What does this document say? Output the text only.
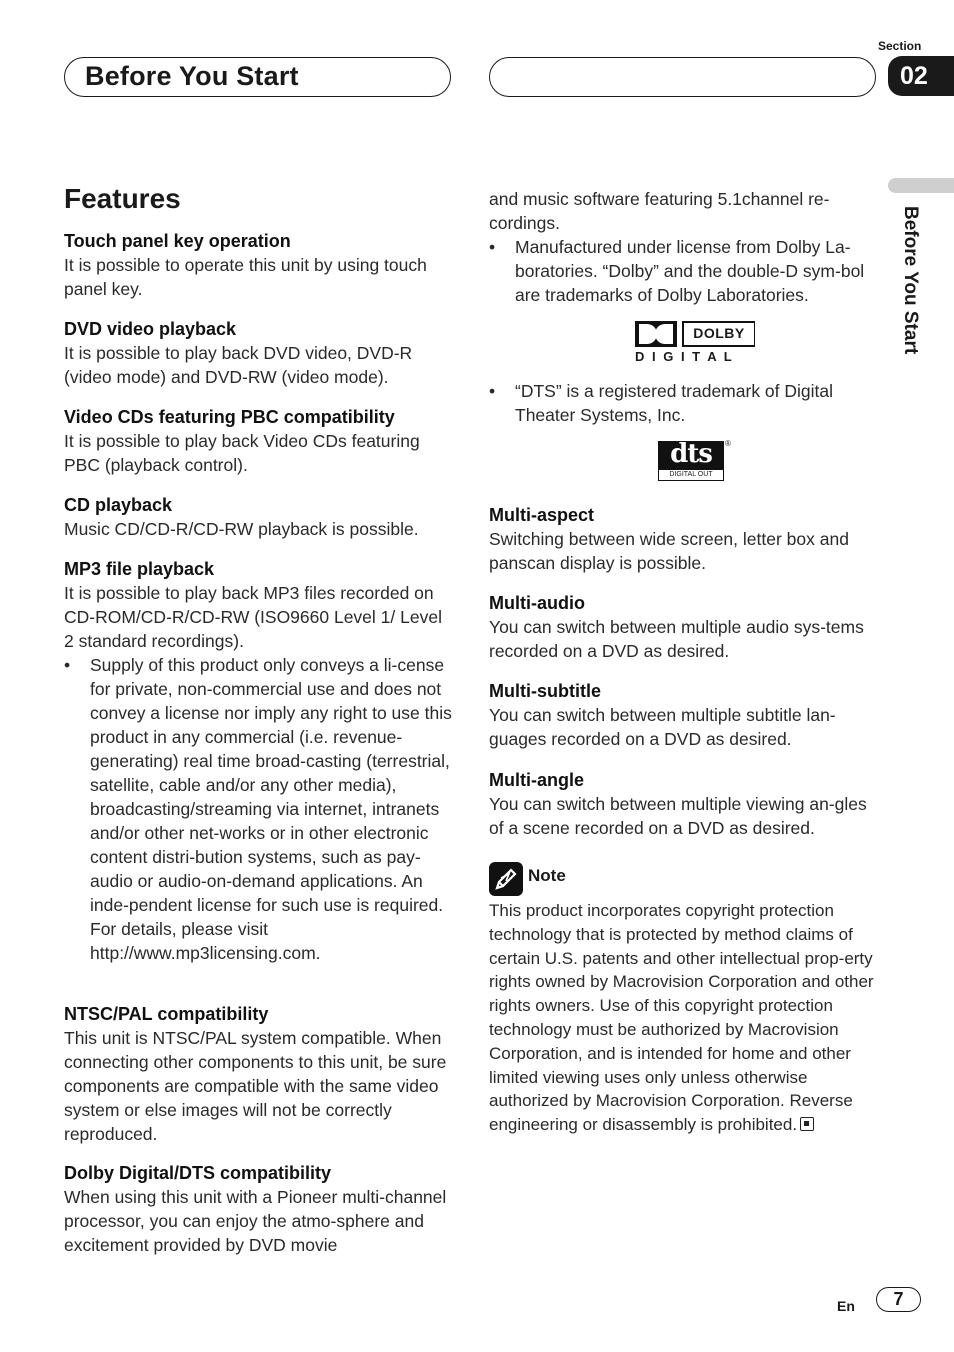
Before You Start
Section
02
Before You Start
Features
Touch panel key operation

It is possible to operate this unit by using touch panel key.

DVD video playback

It is possible to play back DVD video, DVD-R (video mode) and DVD-RW (video mode).

Video CDs featuring PBC compatibility

It is possible to play back Video CDs featuring PBC (playback control).

CD playback

Music CD/CD-R/CD-RW playback is possible.

MP3 file playback

It is possible to play back MP3 files recorded on CD-ROM/CD-R/CD-RW (ISO9660 Level 1/ Level 2 standard recordings).

• Supply of this product only conveys a li-cense for private, non-commercial use and does not convey a license nor imply any right to use this product in any commercial (i.e. revenue-generating) real time broad-casting (terrestrial, satellite, cable and/or any other media), broadcasting/streaming via internet, intranets and/or other net-works or in other electronic content distri-bution systems, such as pay-audio or audio-on-demand applications. An inde-pendent license for such use is required. For details, please visit http://www.mp3licensing.com.
NTSC/PAL compatibility

This unit is NTSC/PAL system compatible. When connecting other components to this unit, be sure components are compatible with the same video system or else images will not be correctly reproduced.

Dolby Digital/DTS compatibility

When using this unit with a Pioneer multi-channel processor, you can enjoy the atmo-sphere and excitement provided by DVD movie

and music software featuring 5.1channel re-cordings.

• Manufactured under license from Dolby La-boratories. “Dolby” and the double-D sym-bol are trademarks of Dolby Laboratories.
DOLBY
D I G I T A L
• “DTS” is a registered trademark of Digital Theater Systems, Inc.
dts
DIGITAL OUT
®
Multi-aspect

Switching between wide screen, letter box and panscan display is possible.

Multi-audio

You can switch between multiple audio sys-tems recorded on a DVD as desired.

Multi-subtitle

You can switch between multiple subtitle lan-guages recorded on a DVD as desired.

Multi-angle

You can switch between multiple viewing an-gles of a scene recorded on a DVD as desired.

Note
This product incorporates copyright protection technology that is protected by method claims of certain U.S. patents and other intellectual prop-erty rights owned by Macrovision Corporation and other rights owners. Use of this copyright protection technology must be authorized by Macrovision Corporation, and is intended for home and other limited viewing uses only unless otherwise authorized by Macrovision Corporation. Reverse engineering or disassembly is prohibited.
En	7
